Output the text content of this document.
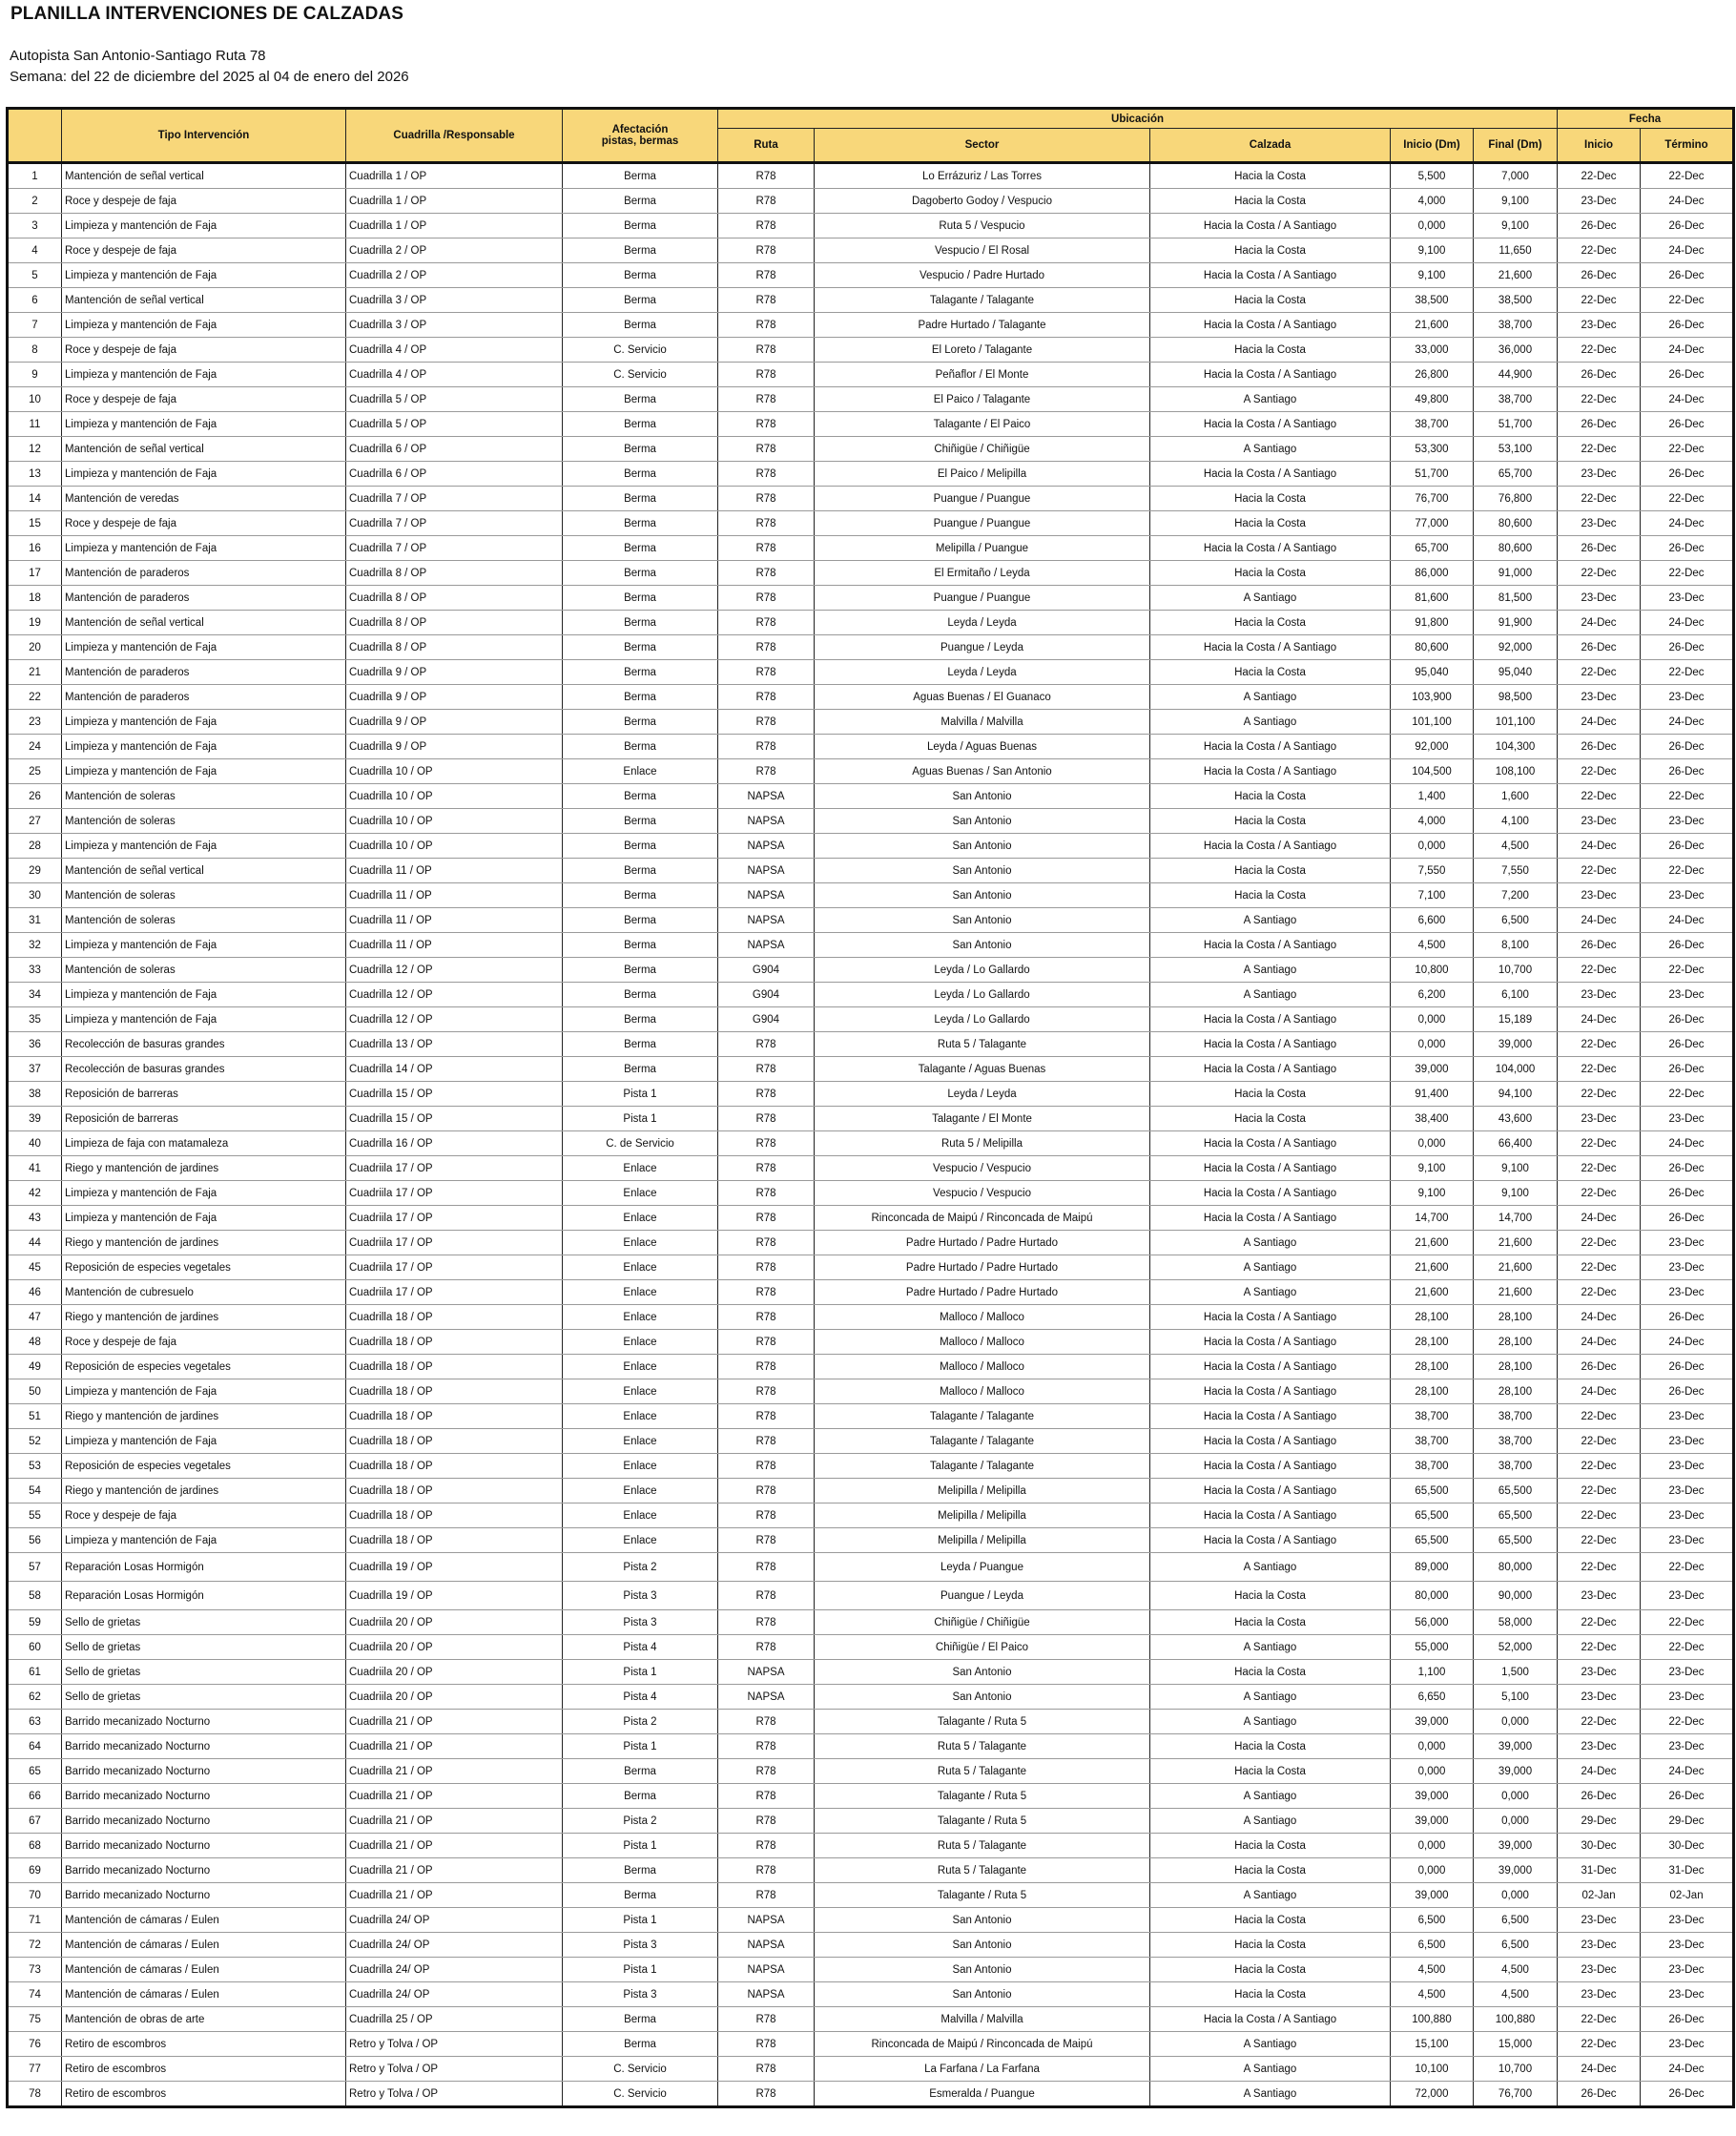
PLANILLA INTERVENCIONES DE CALZADAS
Autopista San Antonio-Santiago Ruta 78
Semana: del 22 de diciembre del 2025 al 04 de enero del 2026
	Tipo Intervención	Cuadrilla /Responsable	Afectación
pistas, bermas	Ubicación					Fecha	
				Ruta	Sector	Calzada	Inicio (Dm)	Final (Dm)	Inicio	Término
1	Mantención de señal vertical	Cuadrilla 1 / OP	Berma	R78	Lo Errázuriz / Las Torres	Hacia la Costa	5,500	7,000	22-Dec	22-Dec
2	Roce y despeje de faja	Cuadrilla 1 / OP	Berma	R78	Dagoberto Godoy / Vespucio	Hacia la Costa	4,000	9,100	23-Dec	24-Dec
3	Limpieza y mantención de Faja	Cuadrilla 1 / OP	Berma	R78	Ruta 5 / Vespucio	Hacia la Costa / A Santiago	0,000	9,100	26-Dec	26-Dec
4	Roce y despeje de faja	Cuadrilla 2 / OP	Berma	R78	Vespucio / El Rosal	Hacia la Costa	9,100	11,650	22-Dec	24-Dec
5	Limpieza y mantención de Faja	Cuadrilla 2 / OP	Berma	R78	Vespucio / Padre Hurtado	Hacia la Costa / A Santiago	9,100	21,600	26-Dec	26-Dec
6	Mantención de señal vertical	Cuadrilla 3 / OP	Berma	R78	Talagante / Talagante	Hacia la Costa	38,500	38,500	22-Dec	22-Dec
7	Limpieza y mantención de Faja	Cuadrilla 3 / OP	Berma	R78	Padre Hurtado / Talagante	Hacia la Costa / A Santiago	21,600	38,700	23-Dec	26-Dec
8	Roce y despeje de faja	Cuadrilla 4 / OP	C. Servicio	R78	El Loreto / Talagante	Hacia la Costa	33,000	36,000	22-Dec	24-Dec
9	Limpieza y mantención de Faja	Cuadrilla 4 / OP	C. Servicio	R78	Peñaflor / El Monte	Hacia la Costa / A Santiago	26,800	44,900	26-Dec	26-Dec
10	Roce y despeje de faja	Cuadrilla 5 / OP	Berma	R78	El Paico / Talagante	A Santiago	49,800	38,700	22-Dec	24-Dec
11	Limpieza y mantención de Faja	Cuadrilla 5 / OP	Berma	R78	Talagante / El Paico	Hacia la Costa / A Santiago	38,700	51,700	26-Dec	26-Dec
12	Mantención de señal vertical	Cuadrilla 6 / OP	Berma	R78	Chiñigüe / Chiñigüe	A Santiago	53,300	53,100	22-Dec	22-Dec
13	Limpieza y mantención de Faja	Cuadrilla 6 / OP	Berma	R78	El Paico / Melipilla	Hacia la Costa / A Santiago	51,700	65,700	23-Dec	26-Dec
14	Mantención de veredas	Cuadrilla 7 / OP	Berma	R78	Puangue / Puangue	Hacia la Costa	76,700	76,800	22-Dec	22-Dec
15	Roce y despeje de faja	Cuadrilla 7 / OP	Berma	R78	Puangue / Puangue	Hacia la Costa	77,000	80,600	23-Dec	24-Dec
16	Limpieza y mantención de Faja	Cuadrilla 7 / OP	Berma	R78	Melipilla / Puangue	Hacia la Costa / A Santiago	65,700	80,600	26-Dec	26-Dec
17	Mantención de paraderos	Cuadrilla 8 / OP	Berma	R78	El Ermitaño / Leyda	Hacia la Costa	86,000	91,000	22-Dec	22-Dec
18	Mantención de paraderos	Cuadrilla 8 / OP	Berma	R78	Puangue / Puangue	A Santiago	81,600	81,500	23-Dec	23-Dec
19	Mantención de señal vertical	Cuadrilla 8 / OP	Berma	R78	Leyda / Leyda	Hacia la Costa	91,800	91,900	24-Dec	24-Dec
20	Limpieza y mantención de Faja	Cuadrilla 8 / OP	Berma	R78	Puangue / Leyda	Hacia la Costa / A Santiago	80,600	92,000	26-Dec	26-Dec
21	Mantención de paraderos	Cuadrilla 9 / OP	Berma	R78	Leyda / Leyda	Hacia la Costa	95,040	95,040	22-Dec	22-Dec
22	Mantención de paraderos	Cuadrilla 9 / OP	Berma	R78	Aguas Buenas / El Guanaco	A Santiago	103,900	98,500	23-Dec	23-Dec
23	Limpieza y mantención de Faja	Cuadrilla 9 / OP	Berma	R78	Malvilla / Malvilla	A Santiago	101,100	101,100	24-Dec	24-Dec
24	Limpieza y mantención de Faja	Cuadrilla 9 / OP	Berma	R78	Leyda / Aguas Buenas	Hacia la Costa / A Santiago	92,000	104,300	26-Dec	26-Dec
25	Limpieza y mantención de Faja	Cuadrilla 10 / OP	Enlace	R78	Aguas Buenas / San Antonio	Hacia la Costa / A Santiago	104,500	108,100	22-Dec	26-Dec
26	Mantención de soleras	Cuadrilla 10 / OP	Berma	NAPSA	San Antonio	Hacia la Costa	1,400	1,600	22-Dec	22-Dec
27	Mantención de soleras	Cuadrilla 10 / OP	Berma	NAPSA	San Antonio	Hacia la Costa	4,000	4,100	23-Dec	23-Dec
28	Limpieza y mantención de Faja	Cuadrilla 10 / OP	Berma	NAPSA	San Antonio	Hacia la Costa / A Santiago	0,000	4,500	24-Dec	26-Dec
29	Mantención de señal vertical	Cuadrilla 11 / OP	Berma	NAPSA	San Antonio	Hacia la Costa	7,550	7,550	22-Dec	22-Dec
30	Mantención de soleras	Cuadrilla 11 / OP	Berma	NAPSA	San Antonio	Hacia la Costa	7,100	7,200	23-Dec	23-Dec
31	Mantención de soleras	Cuadrilla 11 / OP	Berma	NAPSA	San Antonio	A Santiago	6,600	6,500	24-Dec	24-Dec
32	Limpieza y mantención de Faja	Cuadrilla 11 / OP	Berma	NAPSA	San Antonio	Hacia la Costa / A Santiago	4,500	8,100	26-Dec	26-Dec
33	Mantención de soleras	Cuadrilla 12 / OP	Berma	G904	Leyda / Lo Gallardo	A Santiago	10,800	10,700	22-Dec	22-Dec
34	Limpieza y mantención de Faja	Cuadrilla 12 / OP	Berma	G904	Leyda / Lo Gallardo	A Santiago	6,200	6,100	23-Dec	23-Dec
35	Limpieza y mantención de Faja	Cuadrilla 12 / OP	Berma	G904	Leyda / Lo Gallardo	Hacia la Costa / A Santiago	0,000	15,189	24-Dec	26-Dec
36	Recolección de basuras grandes	Cuadrilla 13 / OP	Berma	R78	Ruta 5 / Talagante	Hacia la Costa / A Santiago	0,000	39,000	22-Dec	26-Dec
37	Recolección de basuras grandes	Cuadrilla 14 / OP	Berma	R78	Talagante / Aguas Buenas	Hacia la Costa / A Santiago	39,000	104,000	22-Dec	26-Dec
38	Reposición de barreras	Cuadrilla 15 / OP	Pista 1	R78	Leyda / Leyda	Hacia la Costa	91,400	94,100	22-Dec	22-Dec
39	Reposición de barreras	Cuadrilla 15 / OP	Pista 1	R78	Talagante / El Monte	Hacia la Costa	38,400	43,600	23-Dec	23-Dec
40	Limpieza de faja con matamaleza	Cuadrilla 16 / OP	C. de Servicio	R78	Ruta 5 / Melipilla	Hacia la Costa / A Santiago	0,000	66,400	22-Dec	24-Dec
41	Riego y mantención de jardines	Cuadriila 17 / OP	Enlace	R78	Vespucio / Vespucio	Hacia la Costa / A Santiago	9,100	9,100	22-Dec	26-Dec
42	Limpieza y mantención de Faja	Cuadriila 17 / OP	Enlace	R78	Vespucio / Vespucio	Hacia la Costa / A Santiago	9,100	9,100	22-Dec	26-Dec
43	Limpieza y mantención de Faja	Cuadriila 17 / OP	Enlace	R78	Rinconcada de Maipú / Rinconcada de Maipú	Hacia la Costa / A Santiago	14,700	14,700	24-Dec	26-Dec
44	Riego y mantención de jardines	Cuadriila 17 / OP	Enlace	R78	Padre Hurtado / Padre Hurtado	A Santiago	21,600	21,600	22-Dec	23-Dec
45	Reposición de especies vegetales	Cuadriila 17 / OP	Enlace	R78	Padre Hurtado / Padre Hurtado	A Santiago	21,600	21,600	22-Dec	23-Dec
46	Mantención de cubresuelo	Cuadriila 17 / OP	Enlace	R78	Padre Hurtado / Padre Hurtado	A Santiago	21,600	21,600	22-Dec	23-Dec
47	Riego y mantención de jardines	Cuadrilla 18 / OP	Enlace	R78	Malloco / Malloco	Hacia la Costa / A Santiago	28,100	28,100	24-Dec	26-Dec
48	Roce y despeje de faja	Cuadrilla 18 / OP	Enlace	R78	Malloco / Malloco	Hacia la Costa / A Santiago	28,100	28,100	24-Dec	24-Dec
49	Reposición de especies vegetales	Cuadrilla 18 / OP	Enlace	R78	Malloco / Malloco	Hacia la Costa / A Santiago	28,100	28,100	26-Dec	26-Dec
50	Limpieza y mantención de Faja	Cuadrilla 18 / OP	Enlace	R78	Malloco / Malloco	Hacia la Costa / A Santiago	28,100	28,100	24-Dec	26-Dec
51	Riego y mantención de jardines	Cuadrilla 18 / OP	Enlace	R78	Talagante / Talagante	Hacia la Costa / A Santiago	38,700	38,700	22-Dec	23-Dec
52	Limpieza y mantención de Faja	Cuadrilla 18 / OP	Enlace	R78	Talagante / Talagante	Hacia la Costa / A Santiago	38,700	38,700	22-Dec	23-Dec
53	Reposición de especies vegetales	Cuadrilla 18 / OP	Enlace	R78	Talagante / Talagante	Hacia la Costa / A Santiago	38,700	38,700	22-Dec	23-Dec
54	Riego y mantención de jardines	Cuadrilla 18 / OP	Enlace	R78	Melipilla / Melipilla	Hacia la Costa / A Santiago	65,500	65,500	22-Dec	23-Dec
55	Roce y despeje de faja	Cuadrilla 18 / OP	Enlace	R78	Melipilla / Melipilla	Hacia la Costa / A Santiago	65,500	65,500	22-Dec	23-Dec
56	Limpieza y mantención de Faja	Cuadrilla 18 / OP	Enlace	R78	Melipilla / Melipilla	Hacia la Costa / A Santiago	65,500	65,500	22-Dec	23-Dec
57	Reparación Losas Hormigón	Cuadrilla 19 / OP	Pista 2	R78	Leyda / Puangue	A Santiago	89,000	80,000	22-Dec	22-Dec
58	Reparación Losas Hormigón	Cuadrilla 19 / OP	Pista 3	R78	Puangue / Leyda	Hacia la Costa	80,000	90,000	23-Dec	23-Dec
59	Sello de grietas	Cuadriila 20 / OP	Pista 3	R78	Chiñigüe / Chiñigüe	Hacia la Costa	56,000	58,000	22-Dec	22-Dec
60	Sello de grietas	Cuadriila 20 / OP	Pista 4	R78	Chiñigüe / El Paico	A Santiago	55,000	52,000	22-Dec	22-Dec
61	Sello de grietas	Cuadriila 20 / OP	Pista 1	NAPSA	San Antonio	Hacia la Costa	1,100	1,500	23-Dec	23-Dec
62	Sello de grietas	Cuadriila 20 / OP	Pista 4	NAPSA	San Antonio	A Santiago	6,650	5,100	23-Dec	23-Dec
63	Barrido mecanizado Nocturno	Cuadrilla 21 / OP	Pista 2	R78	Talagante / Ruta 5	A Santiago	39,000	0,000	22-Dec	22-Dec
64	Barrido mecanizado Nocturno	Cuadrilla 21 / OP	Pista 1	R78	Ruta 5 / Talagante	Hacia la Costa	0,000	39,000	23-Dec	23-Dec
65	Barrido mecanizado Nocturno	Cuadrilla 21 / OP	Berma	R78	Ruta 5 / Talagante	Hacia la Costa	0,000	39,000	24-Dec	24-Dec
66	Barrido mecanizado Nocturno	Cuadrilla 21 / OP	Berma	R78	Talagante / Ruta 5	A Santiago	39,000	0,000	26-Dec	26-Dec
67	Barrido mecanizado Nocturno	Cuadrilla 21 / OP	Pista 2	R78	Talagante / Ruta 5	A Santiago	39,000	0,000	29-Dec	29-Dec
68	Barrido mecanizado Nocturno	Cuadrilla 21 / OP	Pista 1	R78	Ruta 5 / Talagante	Hacia la Costa	0,000	39,000	30-Dec	30-Dec
69	Barrido mecanizado Nocturno	Cuadrilla 21 / OP	Berma	R78	Ruta 5 / Talagante	Hacia la Costa	0,000	39,000	31-Dec	31-Dec
70	Barrido mecanizado Nocturno	Cuadrilla 21 / OP	Berma	R78	Talagante / Ruta 5	A Santiago	39,000	0,000	02-Jan	02-Jan
71	Mantención de cámaras / Eulen	Cuadrilla 24/ OP	Pista 1	NAPSA	San Antonio	Hacia la Costa	6,500	6,500	23-Dec	23-Dec
72	Mantención de cámaras / Eulen	Cuadrilla 24/ OP	Pista 3	NAPSA	San Antonio	Hacia la Costa	6,500	6,500	23-Dec	23-Dec
73	Mantención de cámaras / Eulen	Cuadrilla 24/ OP	Pista 1	NAPSA	San Antonio	Hacia la Costa	4,500	4,500	23-Dec	23-Dec
74	Mantención de cámaras / Eulen	Cuadrilla 24/ OP	Pista 3	NAPSA	San Antonio	Hacia la Costa	4,500	4,500	23-Dec	23-Dec
75	Mantención de obras de arte	Cuadrilla 25 / OP	Berma	R78	Malvilla / Malvilla	Hacia la Costa / A Santiago	100,880	100,880	22-Dec	26-Dec
76	Retiro de escombros	Retro y Tolva / OP	Berma	R78	Rinconcada de Maipú / Rinconcada de Maipú	A Santiago	15,100	15,000	22-Dec	23-Dec
77	Retiro de escombros	Retro y Tolva / OP	C. Servicio	R78	La Farfana / La Farfana	A Santiago	10,100	10,700	24-Dec	24-Dec
78	Retiro de escombros	Retro y Tolva / OP	C. Servicio	R78	Esmeralda / Puangue	A Santiago	72,000	76,700	26-Dec	26-Dec
